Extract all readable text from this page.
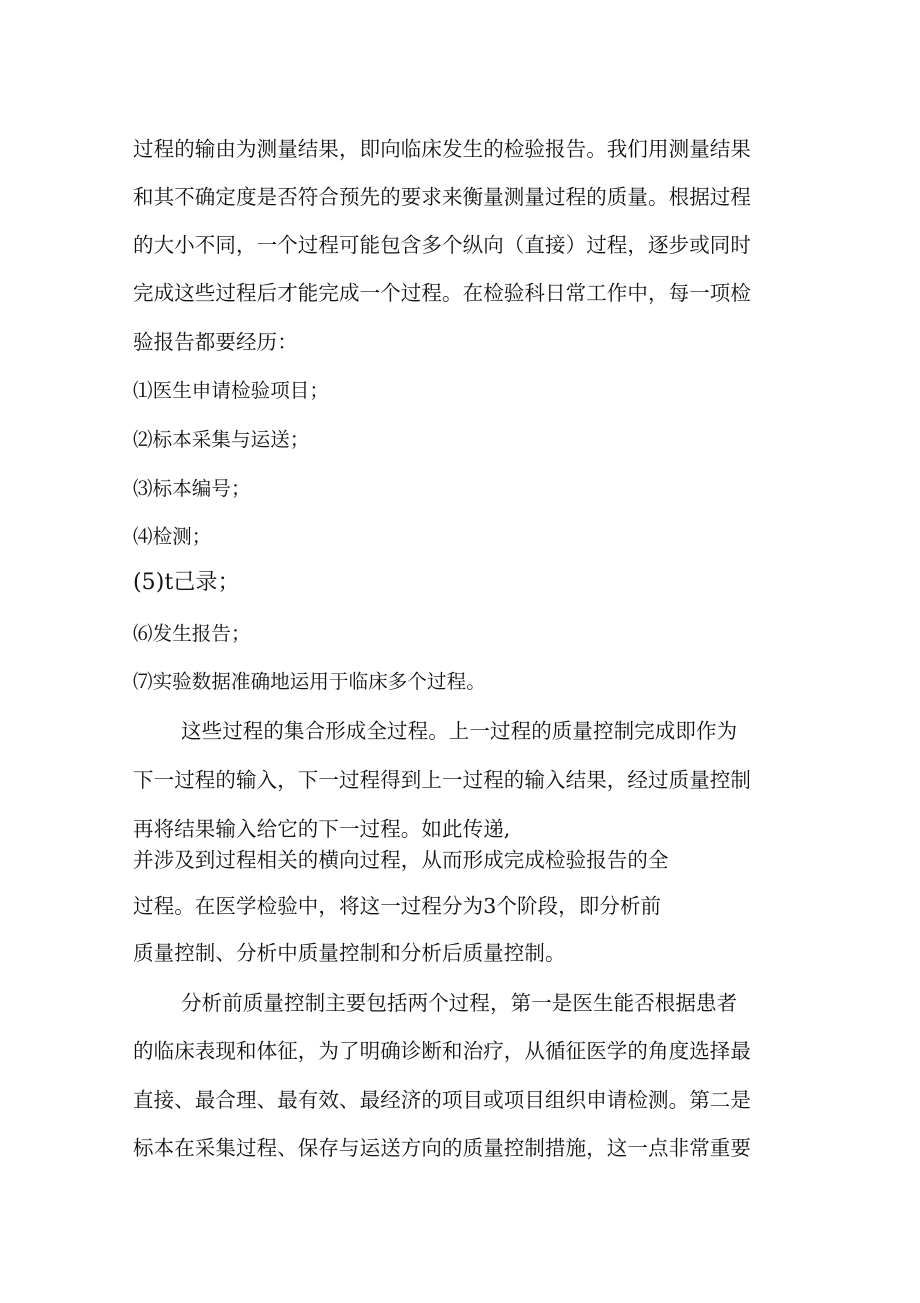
过程的输由为测量结果，即向临床发生的检验报告。我们用测量结果
和其不确定度是否符合预先的要求来衡量测量过程的质量。根据过程
的大小不同，一个过程可能包含多个纵向（直接）过程，逐步或同时
完成这些过程后才能完成一个过程。在检验科日常工作中，每一项检
验报告都要经历：
⑴医生申请检验项目；
⑵标本采集与运送；
⑶标本编号；
⑷检测；
(5)t己录；
⑹发生报告；
⑺实验数据准确地运用于临床多个过程。
这些过程的集合形成全过程。上一过程的质量控制完成即作为
下一过程的输入，下一过程得到上一过程的输入结果，经过质量控制
再将结果输入给它的下一过程。如此传递,
并涉及到过程相关的横向过程，从而形成完成检验报告的全
过程。在医学检验中，将这一过程分为3个阶段，即分析前
质量控制、分析中质量控制和分析后质量控制。
分析前质量控制主要包括两个过程，第一是医生能否根据患者
的临床表现和体征，为了明确诊断和治疗，从循征医学的角度选择最
直接、最合理、最有效、最经济的项目或项目组织申请检测。第二是
标本在采集过程、保存与运送方向的质量控制措施，这一点非常重要
